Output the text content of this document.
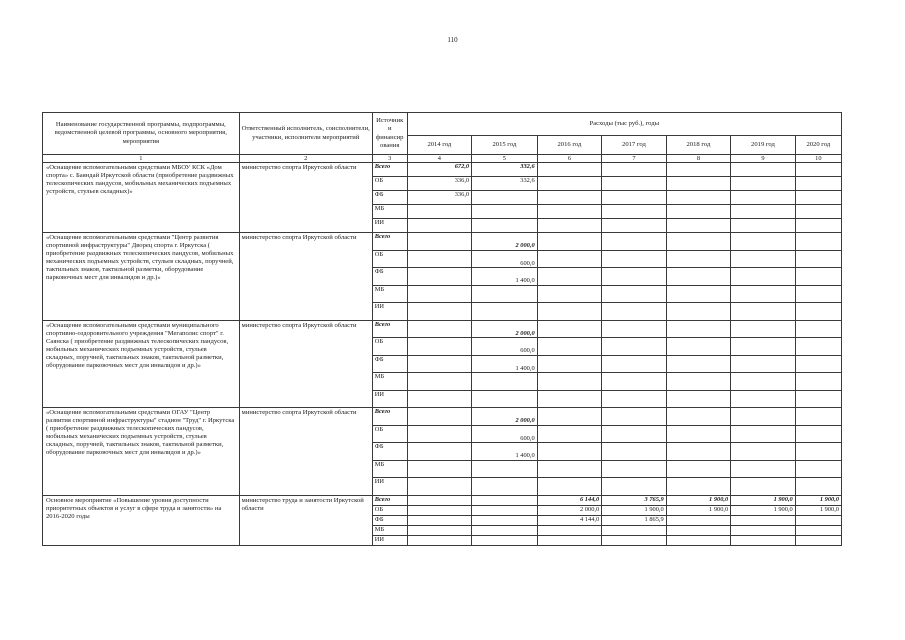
110
Наименование государственной программы, подпрограммы, ведомственной целевой программы, основного мероприятия, мероприятия	Ответственный исполнитель, соисполнители, участники, исполнители мероприятий	Источник и финансир ования	Расходы (тыс руб.), годы						
			2014 год	2015 год	2016 год	2017 год	2018 год	2019 год	2020 год
1	2	3	4	5	6	7	8	9	10
«Оснащение вспомогательными средствами МБОУ КСК «Дом спорта» с. Баяндай Иркутской области (приобретение раздвижных телескопических пандусов, мобильных механических подъемных устройств, стульев складных)»	министерство спорта Иркутской области	Всего	672,0	332,6					
		ОБ	336,0	332,6					
		ФБ	336,0						
		МБ							
		ИИ							
«Оснащение вспомогательными средствами "Центр развития спортивной инфраструктуры" Дворец спорта г. Иркутска ( приобретение раздвижных телескопических пандусов, мобильных механических подъемных устройств, стульев складных, поручней, тактильных знаков, тактильной разметки, оборудование парковочных мест для инвалидов и др.)»	министерство спорта Иркутской области	Всего		2 000,0					
		ОБ		600,0					
		ФБ		1 400,0					
		МБ							
		ИИ							
«Оснащение вспомогательными средствами муниципального спортивно-оздоровительного учреждения "Мегаполис спорт" г. Саянска ( приобретение раздвижных телескопических пандусов, мобильных механических подъемных устройств, стульев складных, поручней, тактильных знаков, тактильной разметки, оборудование парковочных мест для инвалидов и др.)»	министерство спорта Иркутской области	Всего		2 000,0					
		ОБ		600,0					
		ФБ		1 400,0					
		МБ							
		ИИ							
«Оснащение вспомогательными средствами ОГАУ "Центр развития спортивной инфраструктуры" стадион "Труд" г. Иркутска ( приобретение раздвижных телескопических пандусов, мобильных механических подъемных устройств, стульев складных, поручней, тактильных знаков, тактильной разметки, оборудование парковочных мест для инвалидов и др.)»	министерство спорта Иркутской области	Всего		2 000,0					
		ОБ		600,0					
		ФБ		1 400,0					
		МБ							
		ИИ							
Основное мероприятие «Повышение уровня доступности приоритетных объектов и услуг в сфере труда и занятости» на 2016-2020 годы	министерство труда и занятости Иркутской области	Всего			6 144,0	3 765,9	1 900,0	1 900,0	1 900,0
		ОБ			2 000,0	1 900,0	1 900,0	1 900,0	1 900,0
		ФБ			4 144,0	1 865,9			
		МБ							
		ИИ							
